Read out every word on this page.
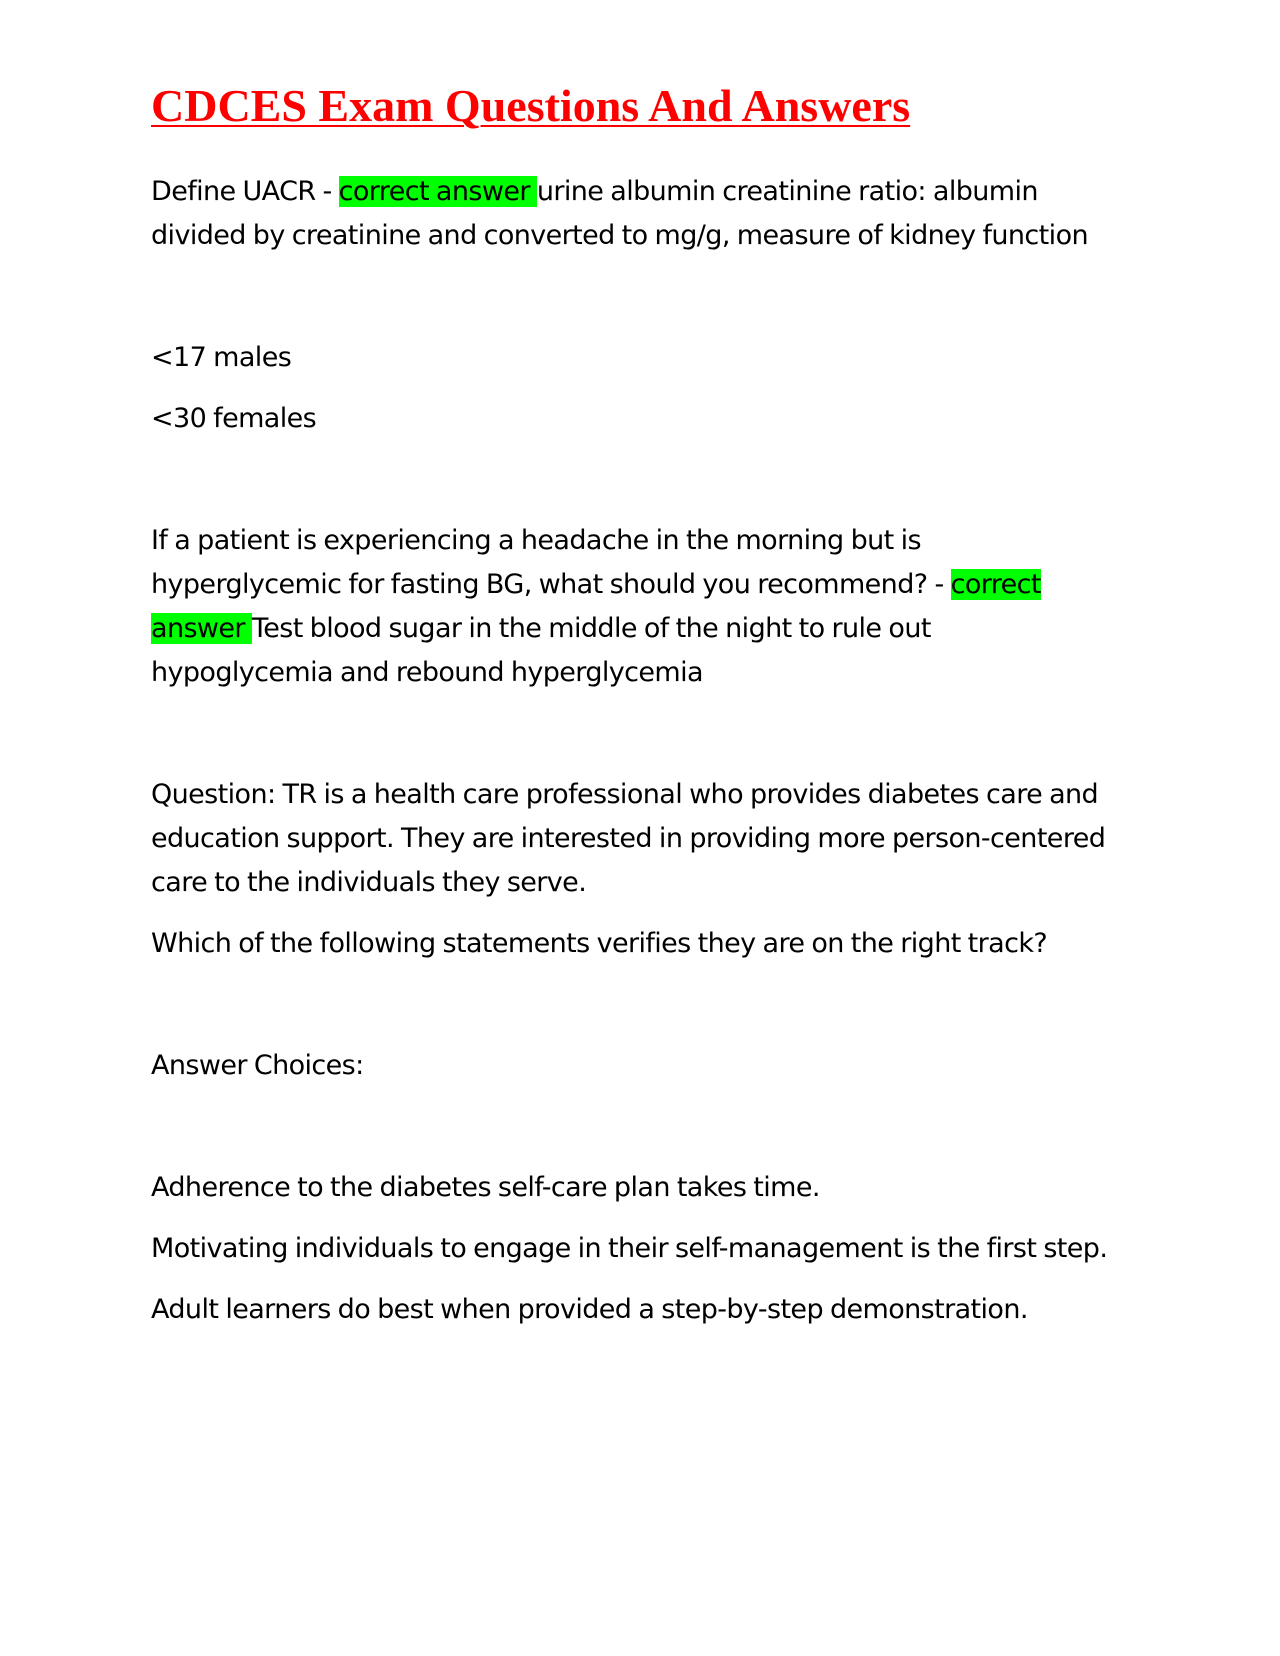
CDCES Exam Questions And Answers

Define UACR - correct answer urine albumin creatinine ratio: albumin divided by creatinine and converted to mg/g, measure of kidney function

<17 males

<30 females

If a patient is experiencing a headache in the morning but is hyperglycemic for fasting BG, what should you recommend? - correct answer Test blood sugar in the middle of the night to rule out hypoglycemia and rebound hyperglycemia

Question: TR is a health care professional who provides diabetes care and education support. They are interested in providing more person-centered care to the individuals they serve.

Which of the following statements verifies they are on the right track?

Answer Choices:

Adherence to the diabetes self-care plan takes time.

Motivating individuals to engage in their self-management is the first step.

Adult learners do best when provided a step-by-step demonstration.
